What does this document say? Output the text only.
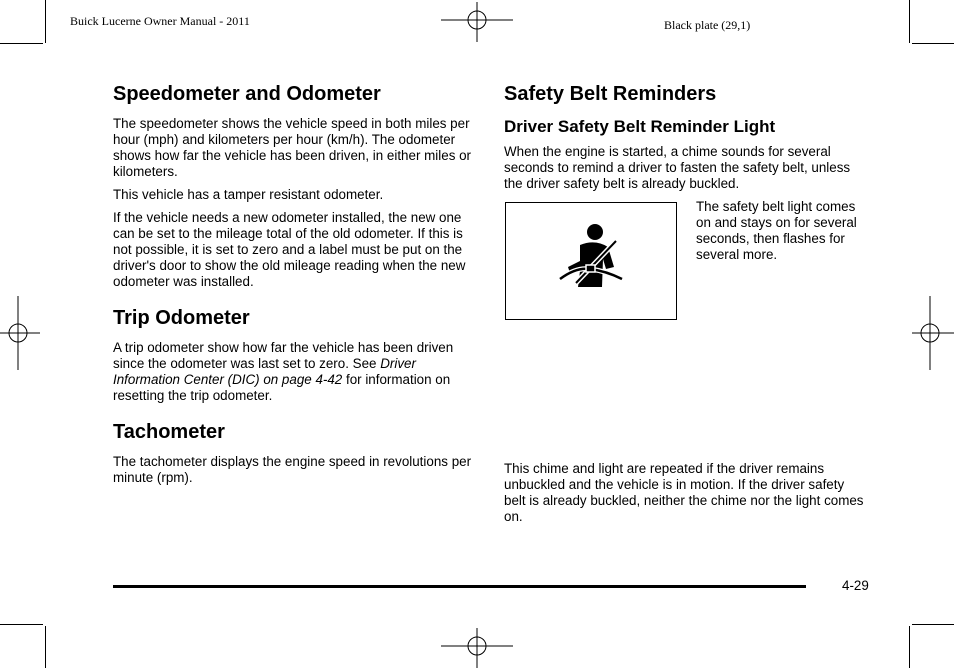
Buick Lucerne Owner Manual - 2011	Black plate (29,1)
Speedometer and Odometer

The speedometer shows the vehicle speed in both miles per hour (mph) and kilometers per hour (km/h). The odometer shows how far the vehicle has been driven, in either miles or kilometers.

This vehicle has a tamper resistant odometer.

If the vehicle needs a new odometer installed, the new one can be set to the mileage total of the old odometer. If this is not possible, it is set to zero and a label must be put on the driver's door to show the old mileage reading when the new odometer was installed.

Trip Odometer

A trip odometer show how far the vehicle has been driven since the odometer was last set to zero. See Driver Information Center (DIC) on page 4-42 for information on resetting the trip odometer.

Tachometer

The tachometer displays the engine speed in revolutions per minute (rpm).

Safety Belt Reminders
Driver Safety Belt Reminder Light

When the engine is started, a chime sounds for several seconds to remind a driver to fasten the safety belt, unless the driver safety belt is already buckled.

The safety belt light comes on and stays on for several seconds, then flashes for several more.

This chime and light are repeated if the driver remains unbuckled and the vehicle is in motion. If the driver safety belt is already buckled, neither the chime nor the light comes on.

4-29
